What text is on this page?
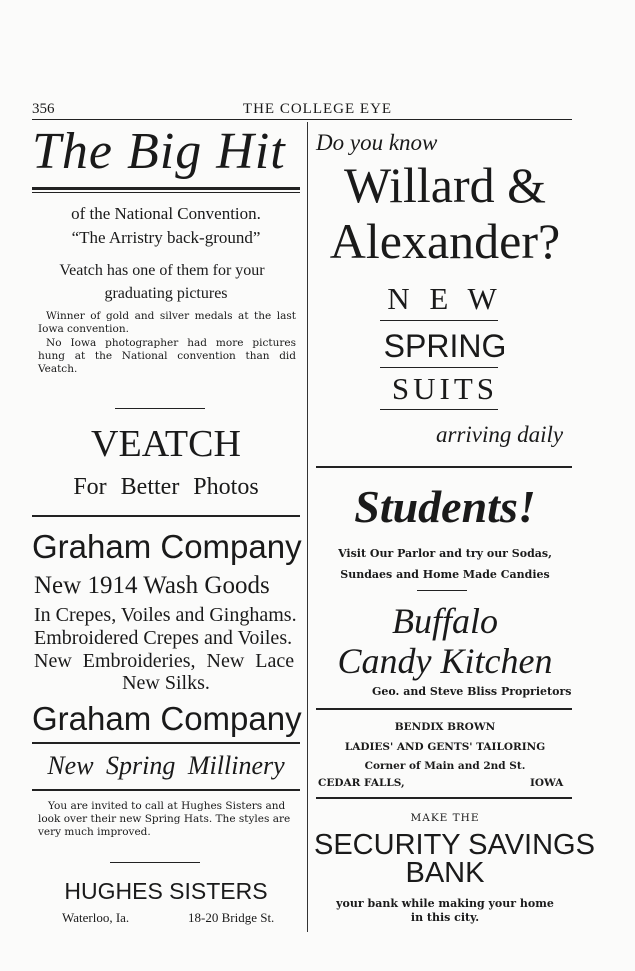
356	THE COLLEGE EYE
The Big Hit
of the National Convention.
“The Arristry back-ground”
Veatch has one of them for your
graduating pictures
Winner of gold and silver medals at the last Iowa convention.
No Iowa photographer had more pictures hung at the National convention than did Veatch.
VEATCH
For Better Photos
Graham Company
New 1914 Wash Goods
In Crepes, Voiles and Ginghams.
Embroidered Crepes and Voiles.
New Embroideries, New Lace
New Silks.
Graham Company
New Spring Millinery
You are invited to call at Hughes Sisters and look over their new Spring Hats. The styles are very much improved.
HUGHES SISTERS
Waterloo, Ia.	18-20 Bridge St.
Do you know
Willard &
Alexander?
N E W
SPRING
SUITS
arriving daily
Students!
Visit Our Parlor and try our Sodas, Sundaes and Home Made Candies
Buffalo
Candy Kitchen
Geo. and Steve Bliss Proprietors
BENDIX BROWN
LADIES' AND GENTS' TAILORING
Corner of Main and 2nd St.
CEDAR FALLS,	IOWA
MAKE THE
SECURITY SAVINGS
BANK
your bank while making your home
in this city.
